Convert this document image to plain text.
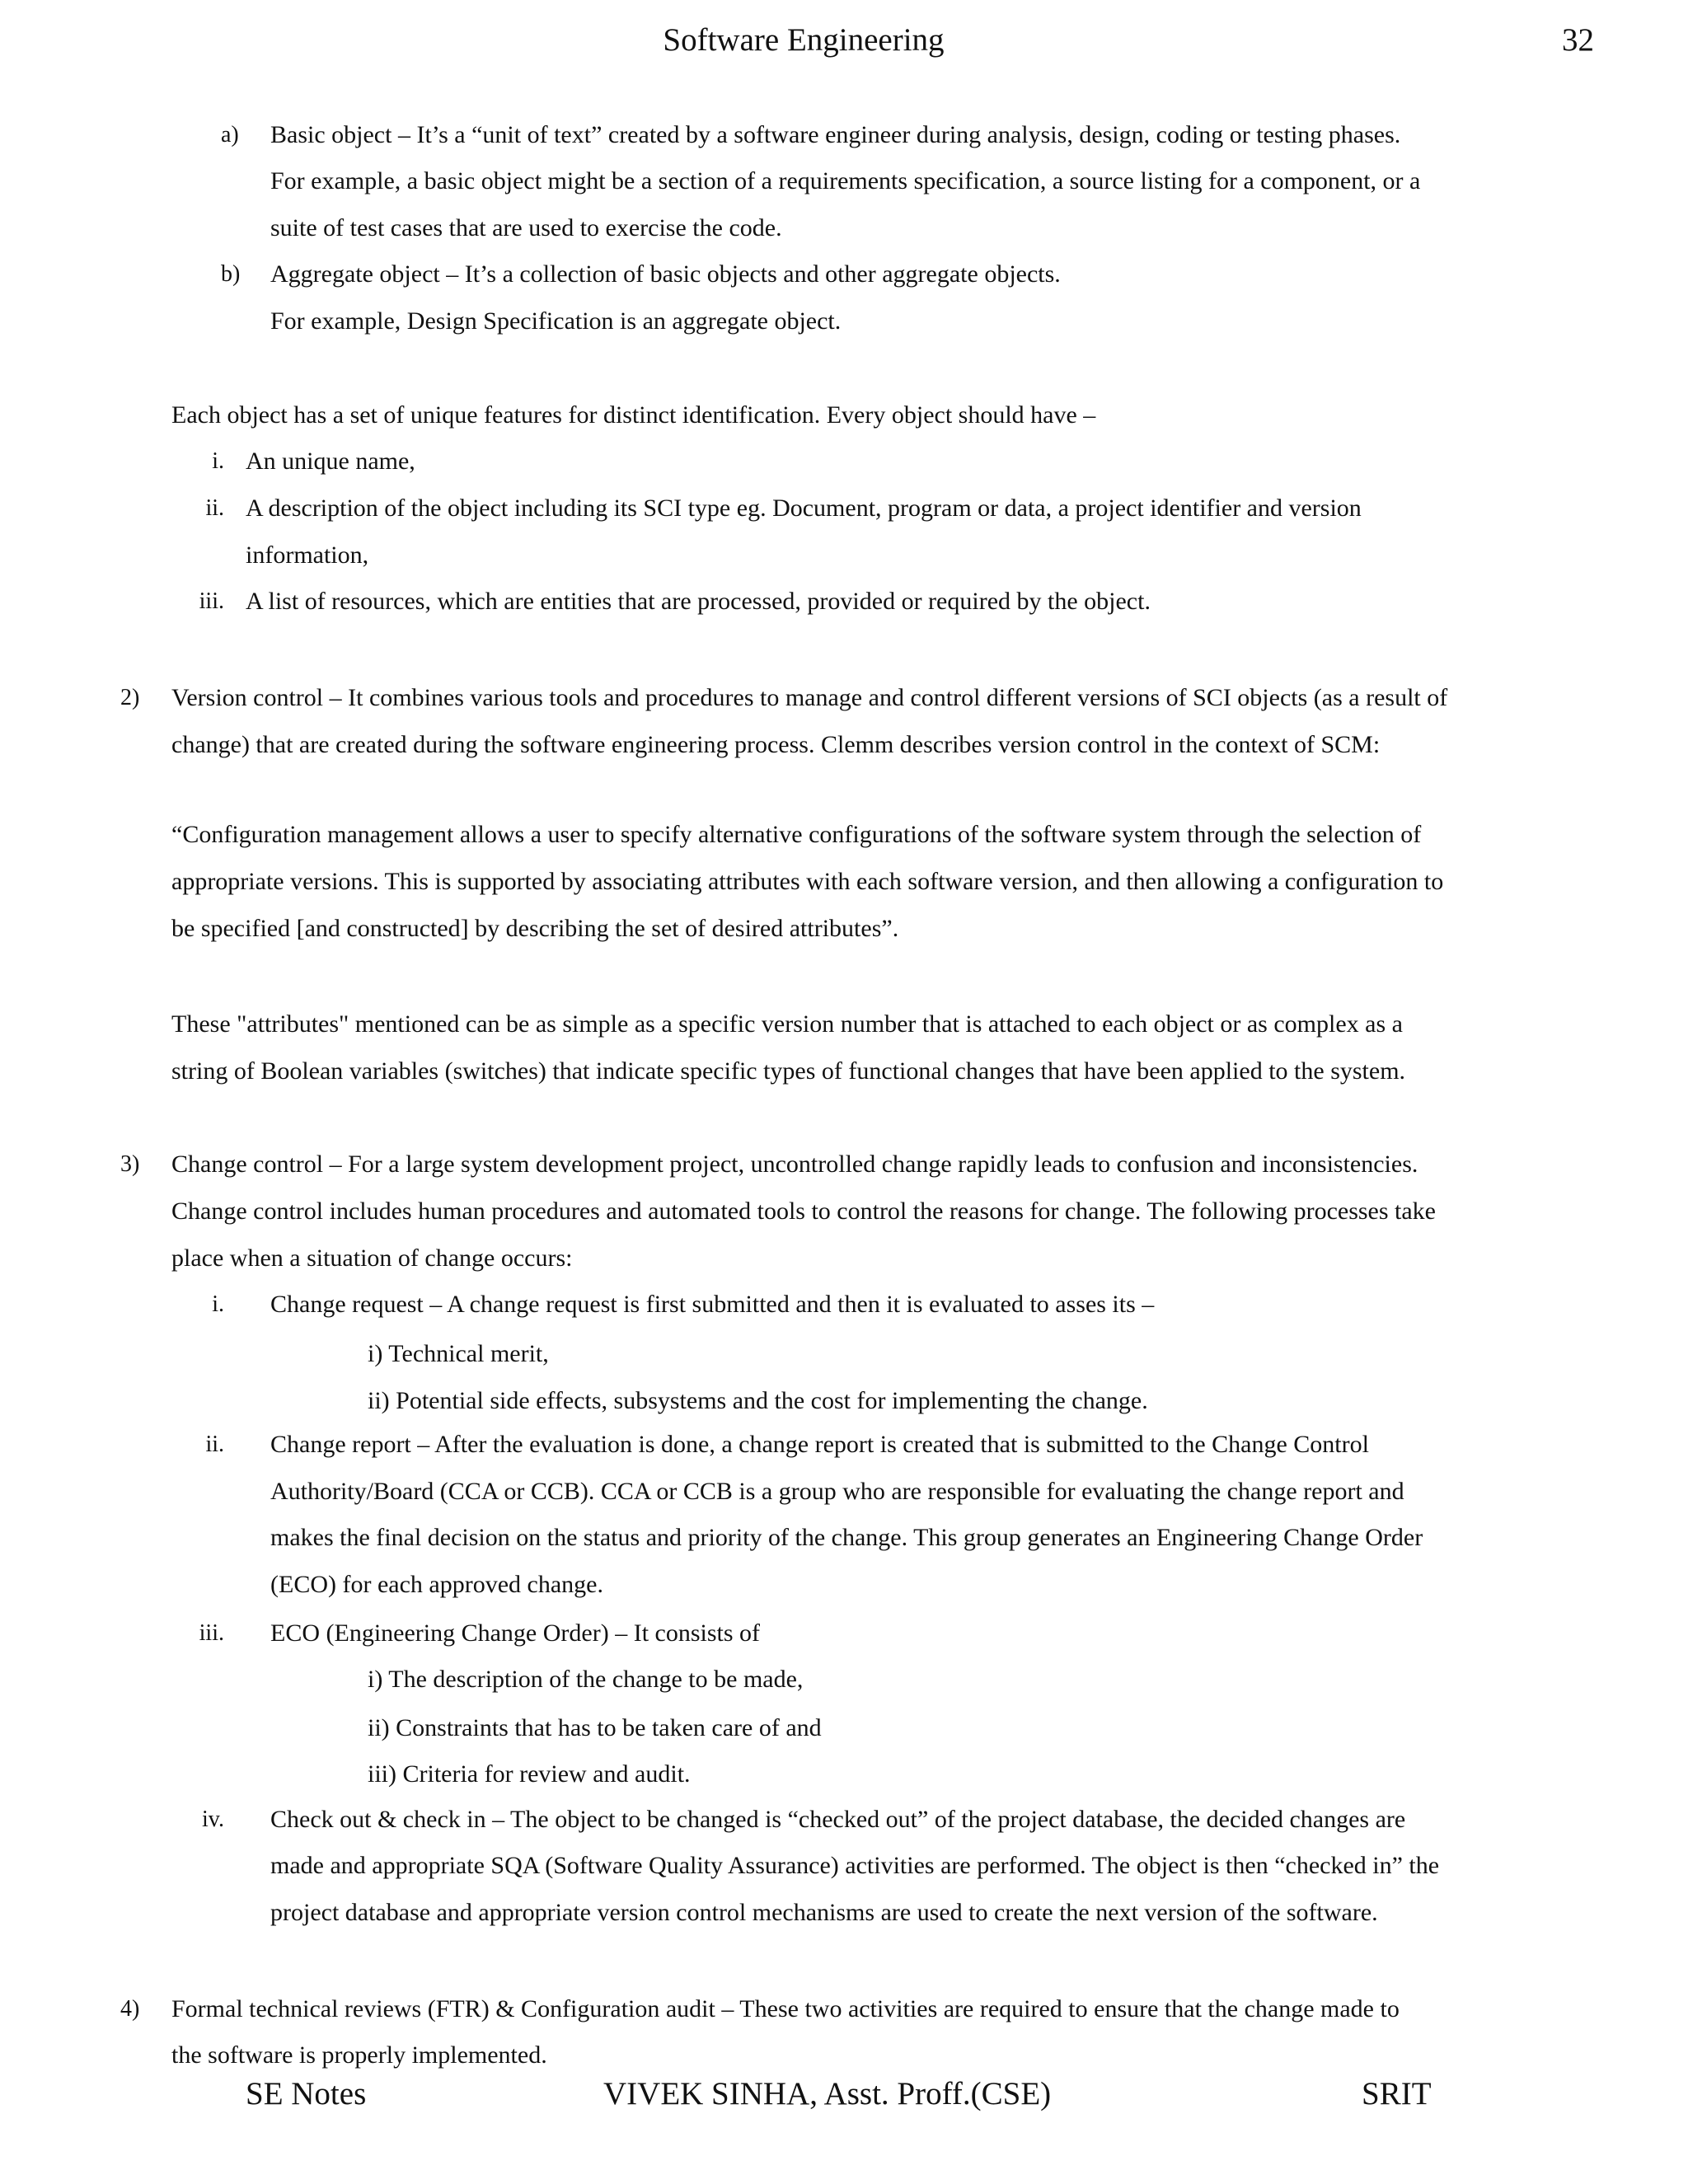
Software Engineering	32
a) Basic object – It’s a “unit of text” created by a software engineer during analysis, design, coding or testing phases.
For example, a basic object might be a section of a requirements specification, a source listing for a component, or a
suite of test cases that are used to exercise the code.
b) Aggregate object – It’s a collection of basic objects and other aggregate objects.
For example, Design Specification is an aggregate object.
Each object has a set of unique features for distinct identification. Every object should have –
i. An unique name,
ii. A description of the object including its SCI type eg. Document, program or data, a project identifier and version
information,
iii. A list of resources, which are entities that are processed, provided or required by the object.
2) Version control – It combines various tools and procedures to manage and control different versions of SCI objects (as a result of
change) that are created during the software engineering process. Clemm describes version control in the context of SCM:
“Configuration management allows a user to specify alternative configurations of the software system through the selection of
appropriate versions. This is supported by associating attributes with each software version, and then allowing a configuration to
be specified [and constructed] by describing the set of desired attributes”.
These "attributes" mentioned can be as simple as a specific version number that is attached to each object or as complex as a
string of Boolean variables (switches) that indicate specific types of functional changes that have been applied to the system.
3) Change control – For a large system development project, uncontrolled change rapidly leads to confusion and inconsistencies.
Change control includes human procedures and automated tools to control the reasons for change. The following processes take
place when a situation of change occurs:
i. Change request – A change request is first submitted and then it is evaluated to asses its –
i) Technical merit,
ii) Potential side effects, subsystems and the cost for implementing the change.
ii. Change report – After the evaluation is done, a change report is created that is submitted to the Change Control
Authority/Board (CCA or CCB). CCA or CCB is a group who are responsible for evaluating the change report and
makes the final decision on the status and priority of the change. This group generates an Engineering Change Order
(ECO) for each approved change.
iii. ECO (Engineering Change Order) – It consists of
i) The description of the change to be made,
ii) Constraints that has to be taken care of and
iii) Criteria for review and audit.
iv. Check out & check in – The object to be changed is “checked out” of the project database, the decided changes are
made and appropriate SQA (Software Quality Assurance) activities are performed. The object is then “checked in” the
project database and appropriate version control mechanisms are used to create the next version of the software.
4) Formal technical reviews (FTR) & Configuration audit – These two activities are required to ensure that the change made to
the software is properly implemented.
SE Notes	VIVEK SINHA, Asst. Proff.(CSE)	SRIT
